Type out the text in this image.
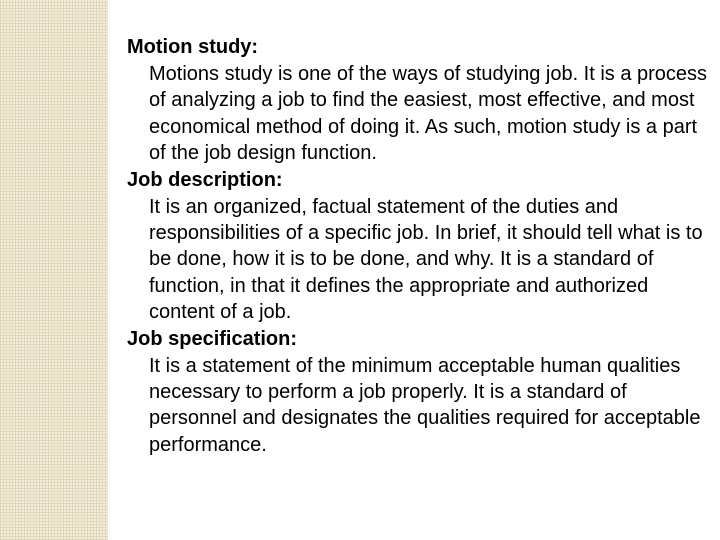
Motion study:

Motions study is one of the ways of studying job. It is a process of analyzing a job to find the easiest, most effective, and most economical method of doing it. As such, motion study is a part of the job design function.

Job description:

It is an organized, factual statement of the duties and responsibilities of a specific job. In brief, it should tell what is to be done, how it is to be done, and why. It is a standard of function, in that it defines the appropriate and authorized content of a job.

Job specification:

It is a statement of the minimum acceptable human qualities necessary to perform a job properly. It is a standard of personnel and designates the qualities required for acceptable performance.
